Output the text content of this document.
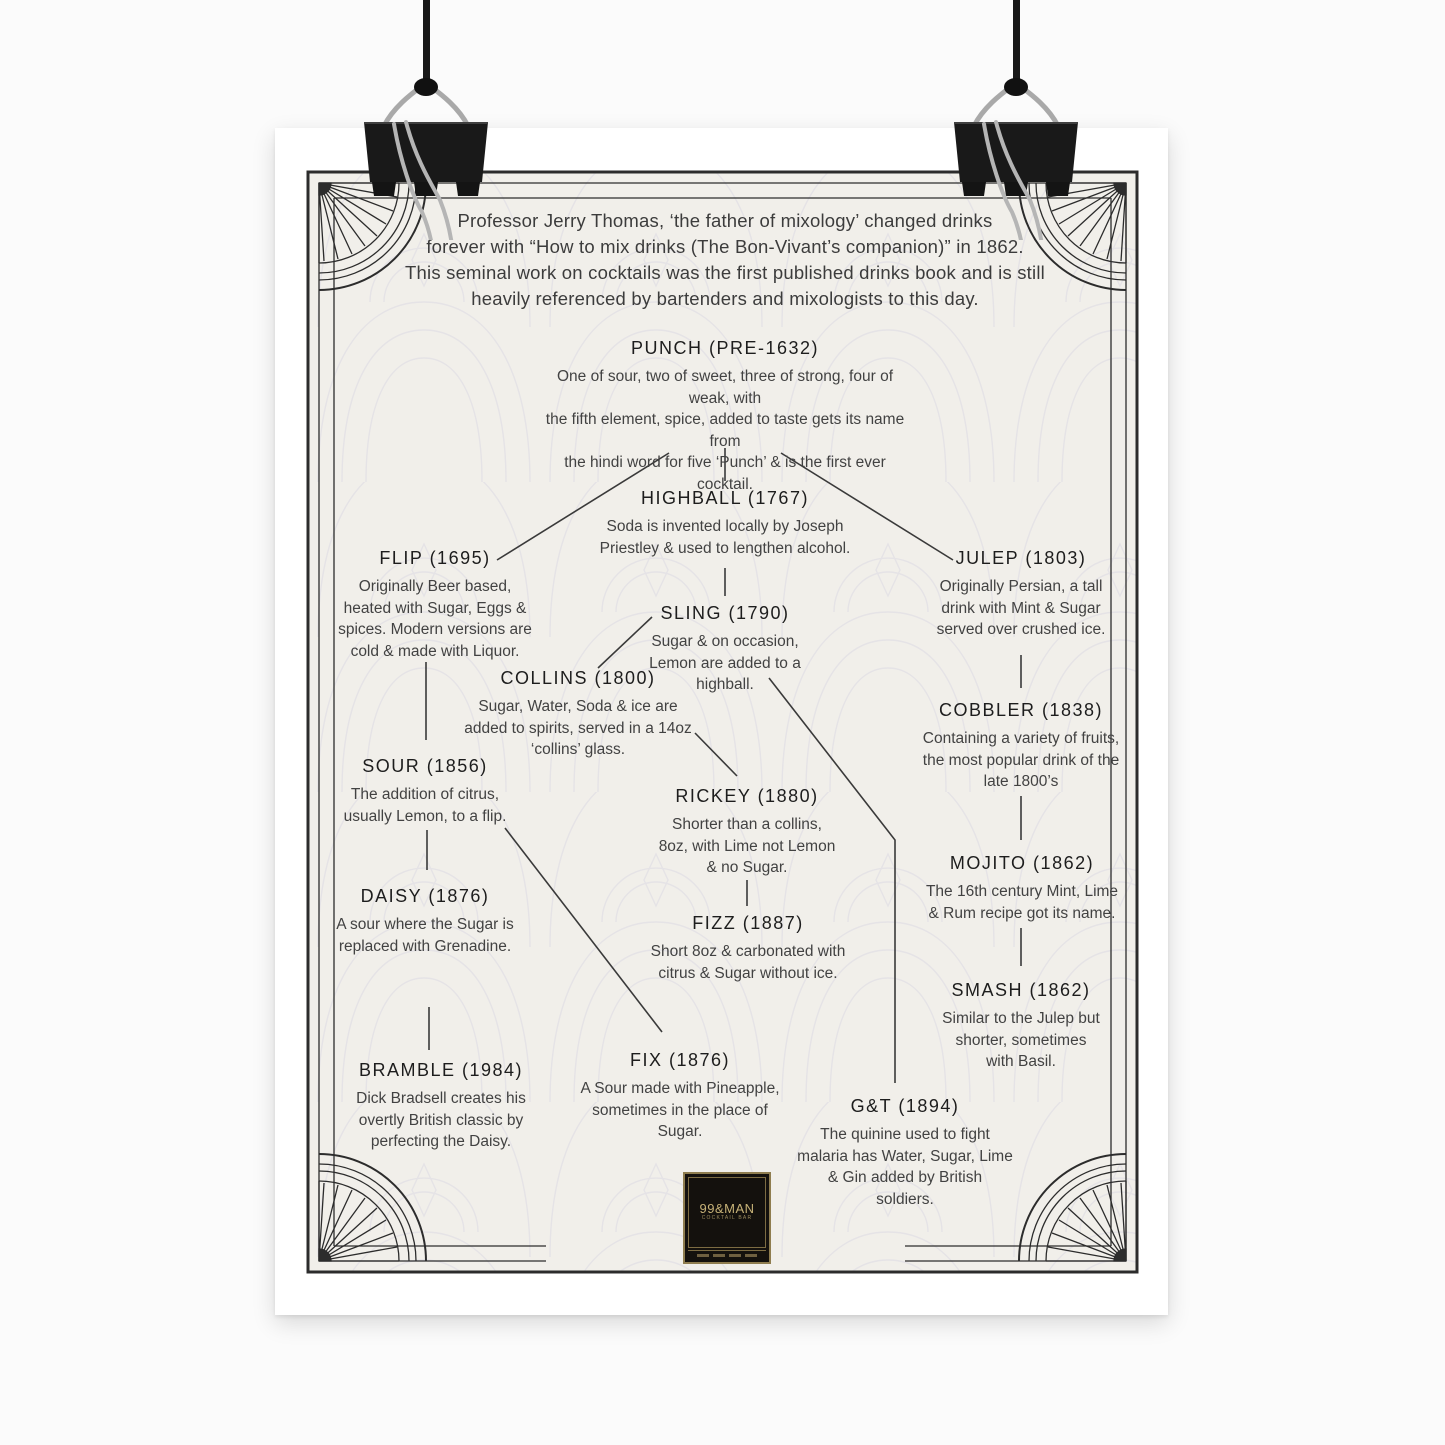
Professor Jerry Thomas, ‘the father of mixology’ changed drinks
forever with “How to mix drinks (The Bon-Vivant’s companion)” in 1862.
This seminal work on cocktails was the first published drinks book and is still
heavily referenced by bartenders and mixologists to this day.
PUNCH (PRE-1632)
One of sour, two of sweet, three of strong, four of weak, with
the fifth element, spice, added to taste gets its name from
the hindi word for five ‘Punch’ & is the first ever cocktail.
HIGHBALL (1767)
Soda is invented locally by Joseph
Priestley & used to lengthen alcohol.
FLIP (1695)
Originally Beer based,
heated with Sugar, Eggs &
spices. Modern versions are
cold & made with Liquor.
JULEP (1803)
Originally Persian, a tall
drink with Mint & Sugar
served over crushed ice.
SLING (1790)
Sugar & on occasion,
Lemon are added to a
highball.
COLLINS (1800)
Sugar, Water, Soda & ice are
added to spirits, served in a 14oz
‘collins’ glass.
COBBLER (1838)
Containing a variety of fruits,
the most popular drink of the
late 1800’s
SOUR (1856)
The addition of citrus,
usually Lemon, to a flip.
RICKEY (1880)
Shorter than a collins,
8oz, with Lime not Lemon
& no Sugar.	MOJITO (1862)
The 16th century Mint, Lime
& Rum recipe got its name.
DAISY (1876)
A sour where the Sugar is
replaced with Grenadine.
FIZZ (1887)
Short 8oz & carbonated with
citrus & Sugar without ice.
SMASH (1862)
Similar to the Julep but
shorter, sometimes
with Basil.
BRAMBLE (1984)
Dick Bradsell creates his
overtly British classic by
perfecting the Daisy.
FIX (1876)
A Sour made with Pineapple,
sometimes in the place of
Sugar.
G&T (1894)
The quinine used to fight
malaria has Water, Sugar, Lime
& Gin added by British
soldiers.
99&MAN
COCKTAIL BAR
